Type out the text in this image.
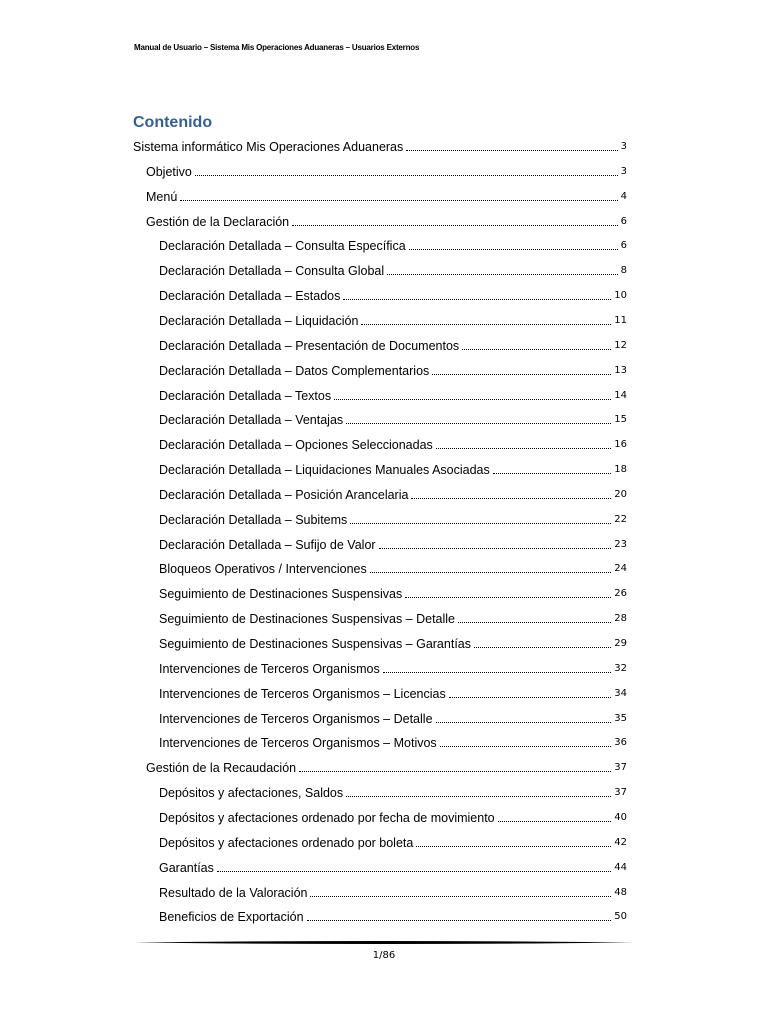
Manual de Usuario – Sistema Mis Operaciones Aduaneras – Usuarios Externos
Contenido
Sistema informático Mis Operaciones Aduaneras	3
Objetivo	3
Menú	4
Gestión de la Declaración	6
Declaración Detallada – Consulta Específica	6
Declaración Detallada – Consulta Global	8
Declaración Detallada – Estados	10
Declaración Detallada – Liquidación	11
Declaración Detallada – Presentación de Documentos	12
Declaración Detallada – Datos Complementarios	13
Declaración Detallada – Textos	14
Declaración Detallada – Ventajas	15
Declaración Detallada – Opciones Seleccionadas	16
Declaración Detallada – Liquidaciones Manuales Asociadas	18
Declaración Detallada – Posición Arancelaria	20
Declaración Detallada – Subitems	22
Declaración Detallada – Sufijo de Valor	23
Bloqueos Operativos / Intervenciones	24
Seguimiento de Destinaciones Suspensivas	26
Seguimiento de Destinaciones Suspensivas – Detalle	28
Seguimiento de Destinaciones Suspensivas – Garantías	29
Intervenciones de Terceros Organismos	32
Intervenciones de Terceros Organismos – Licencias	34
Intervenciones de Terceros Organismos – Detalle	35
Intervenciones de Terceros Organismos – Motivos	36
Gestión de la Recaudación	37
Depósitos y afectaciones, Saldos	37
Depósitos y afectaciones ordenado por fecha de movimiento	40
Depósitos y afectaciones ordenado por boleta	42
Garantías	44
Resultado de la Valoración	48
Beneficios de Exportación	50
1/86
